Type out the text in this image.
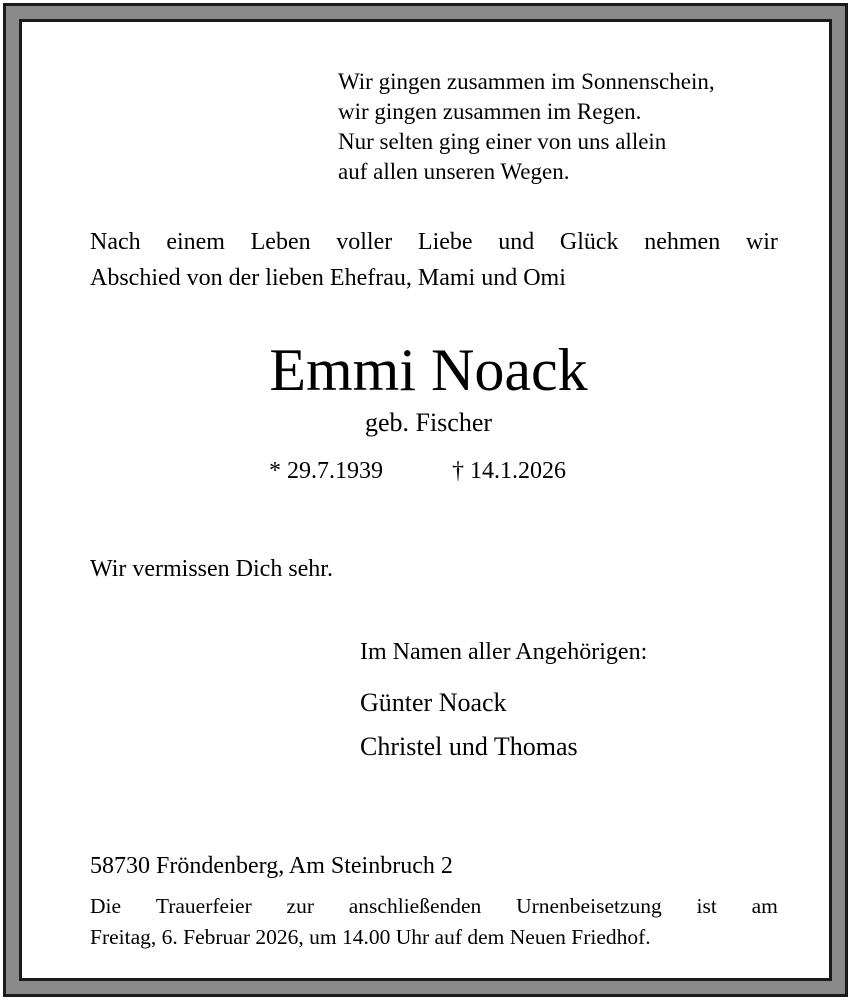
Wir gingen zusammen im Sonnenschein,
wir gingen zusammen im Regen.
Nur selten ging einer von uns allein
auf allen unseren Wegen.
Nach einem Leben voller Liebe und Glück nehmen wir
Abschied von der lieben Ehefrau, Mami und Omi
Emmi Noack
geb. Fischer
* 29.7.1939	† 14.1.2026
Wir vermissen Dich sehr.
Im Namen aller Angehörigen:
Günter Noack
Christel und Thomas
58730 Fröndenberg, Am Steinbruch 2
Die Trauerfeier zur anschließenden Urnenbeisetzung ist am
Freitag, 6. Februar 2026, um 14.00 Uhr auf dem Neuen Friedhof.
